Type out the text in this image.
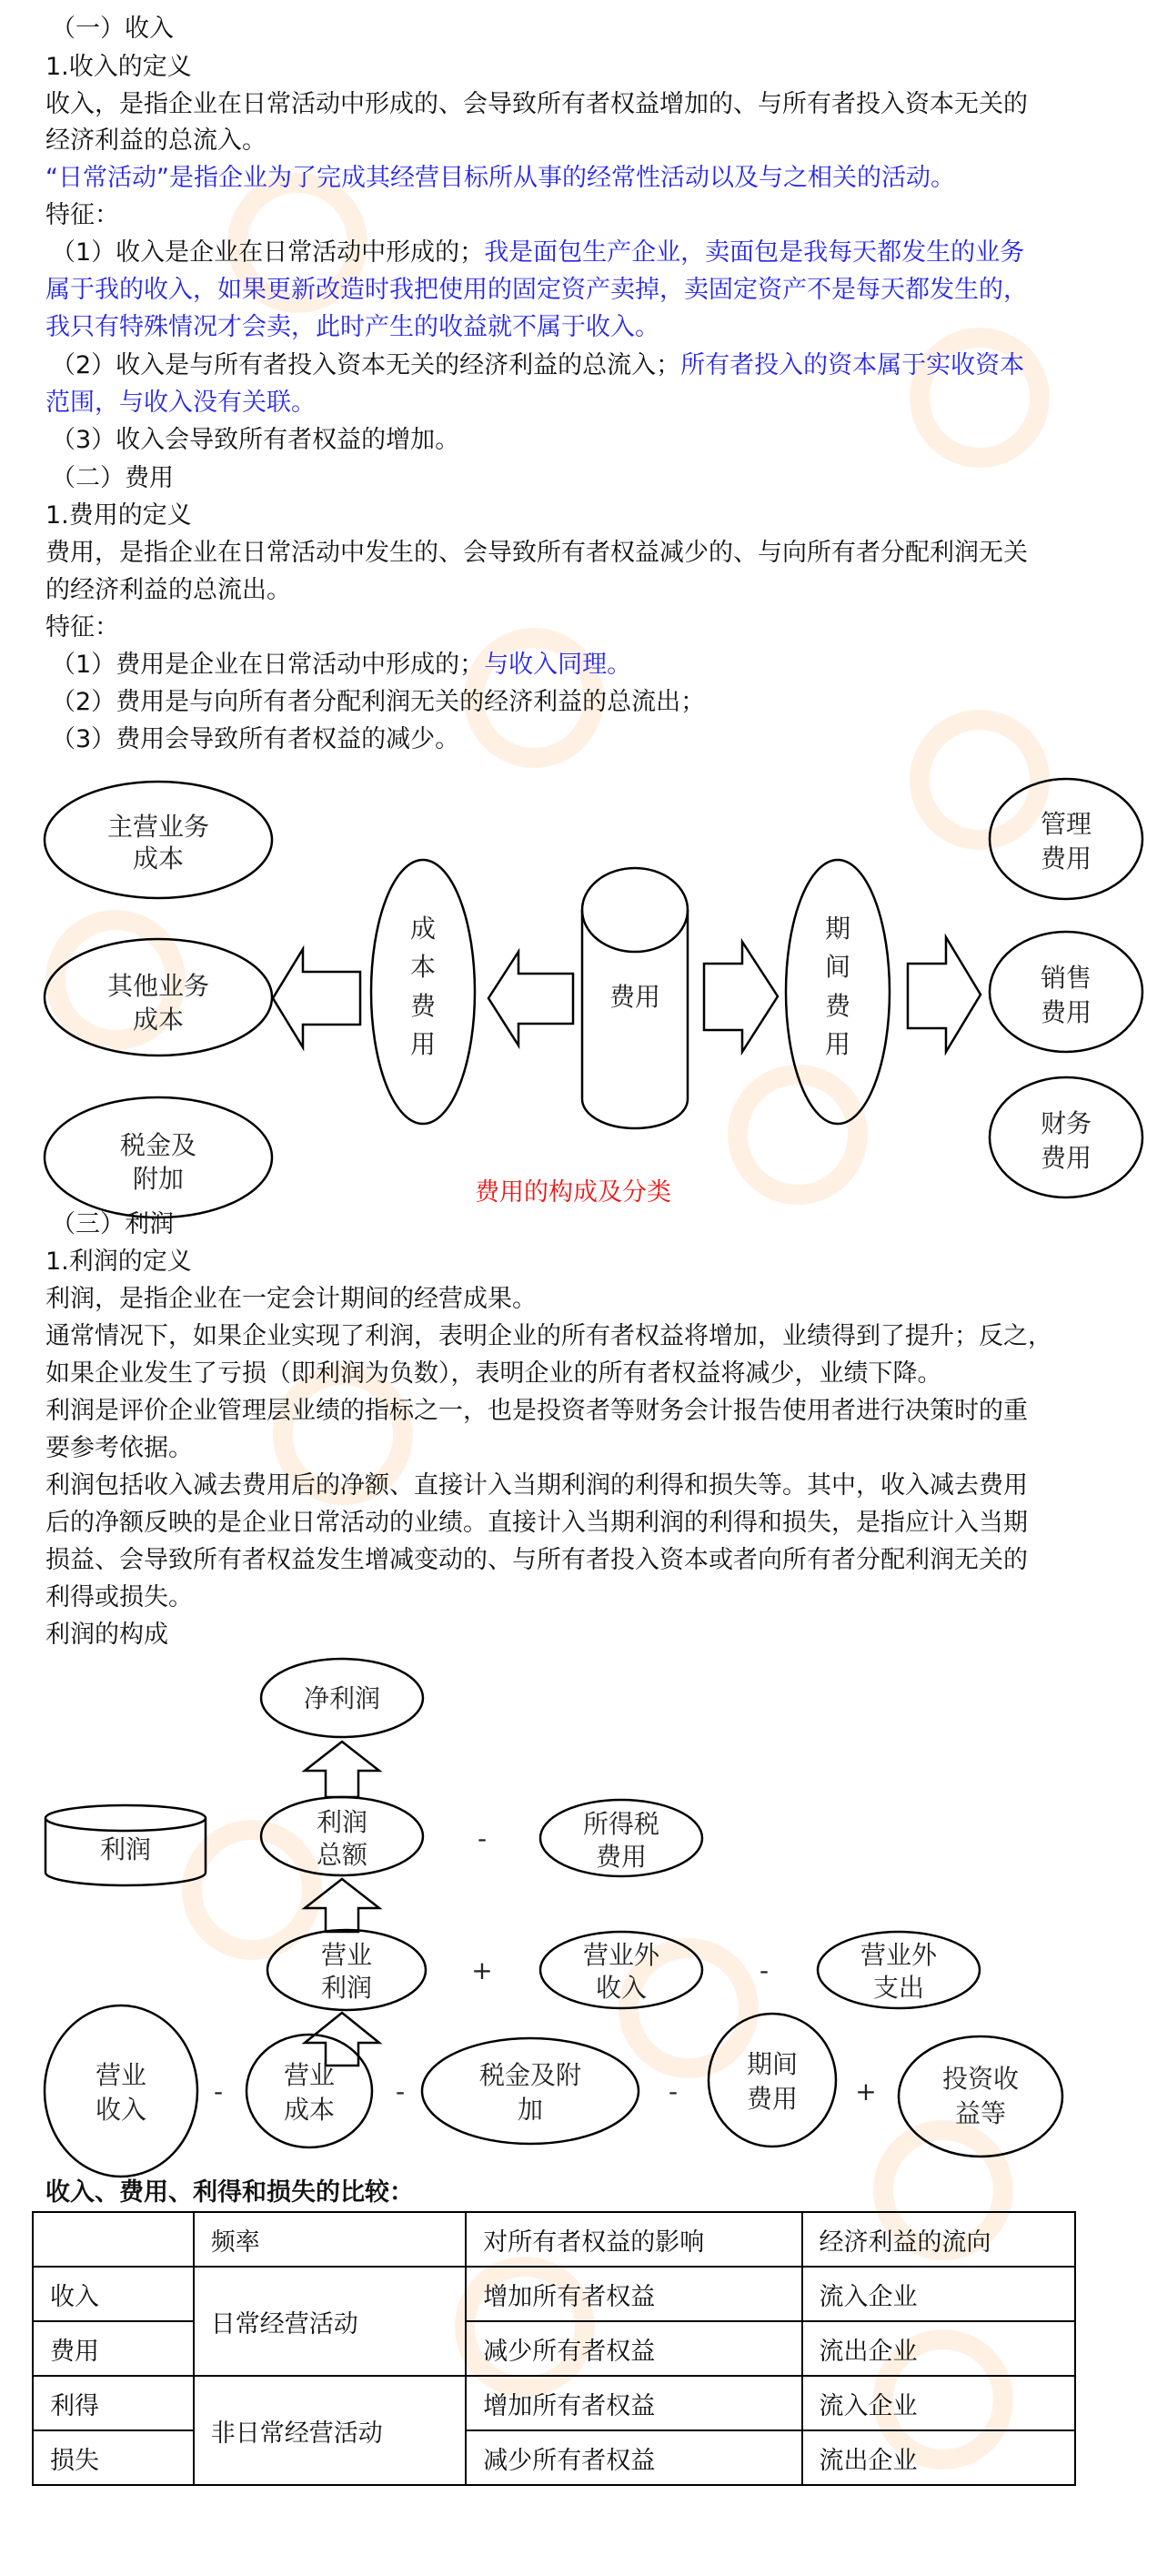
（一）收入
1.收入的定义
收入，是指企业在日常活动中形成的、会导致所有者权益增加的、与所有者投入资本无关的
经济利益的总流入。
“日常活动”是指企业为了完成其经营目标所从事的经常性活动以及与之相关的活动。
特征：
（1）收入是企业在日常活动中形成的；我是面包生产企业，卖面包是我每天都发生的业务
属于我的收入，如果更新改造时我把使用的固定资产卖掉，卖固定资产不是每天都发生的，
我只有特殊情况才会卖，此时产生的收益就不属于收入。
（2）收入是与所有者投入资本无关的经济利益的总流入；所有者投入的资本属于实收资本
范围，与收入没有关联。
（3）收入会导致所有者权益的增加。
（二）费用
1.费用的定义
费用，是指企业在日常活动中发生的、会导致所有者权益减少的、与向所有者分配利润无关
的经济利益的总流出。
特征：
（1）费用是企业在日常活动中形成的；与收入同理。
（2）费用是与向所有者分配利润无关的经济利益的总流出；
（3）费用会导致所有者权益的减少。
主营业务
成本
其他业务
成本
税金及
附加
成
本
费
用
费用
期
间
费
用
管理
费用
销售
费用
财务
费用
费用的构成及分类
（三）利润
1.利润的定义
利润，是指企业在一定会计期间的经营成果。
通常情况下，如果企业实现了利润，表明企业的所有者权益将增加，业绩得到了提升；反之，
如果企业发生了亏损（即利润为负数），表明企业的所有者权益将减少，业绩下降。
利润是评价企业管理层业绩的指标之一，也是投资者等财务会计报告使用者进行决策时的重
要参考依据。
利润包括收入减去费用后的净额、直接计入当期利润的利得和损失等。其中，收入减去费用
后的净额反映的是企业日常活动的业绩。直接计入当期利润的利得和损失，是指应计入当期
损益、会导致所有者权益发生增减变动的、与所有者投入资本或者向所有者分配利润无关的
利得或损失。
利润的构成
利润
净利润
利润
总额
-	所得税
费用
营业
利润
+
营业外
收入
-
营业外
支出
营业
收入
-
营业
成本
-
税金及附
加
-
期间
费用 +	投资收
益等
收入、费用、利得和损失的比较：
	频率	对所有者权益的影响	经济利益的流向
收入	日常经营活动	增加所有者权益	流入企业
费用		减少所有者权益	流出企业
利得	非日常经营活动	增加所有者权益	流入企业
损失		减少所有者权益	流出企业
